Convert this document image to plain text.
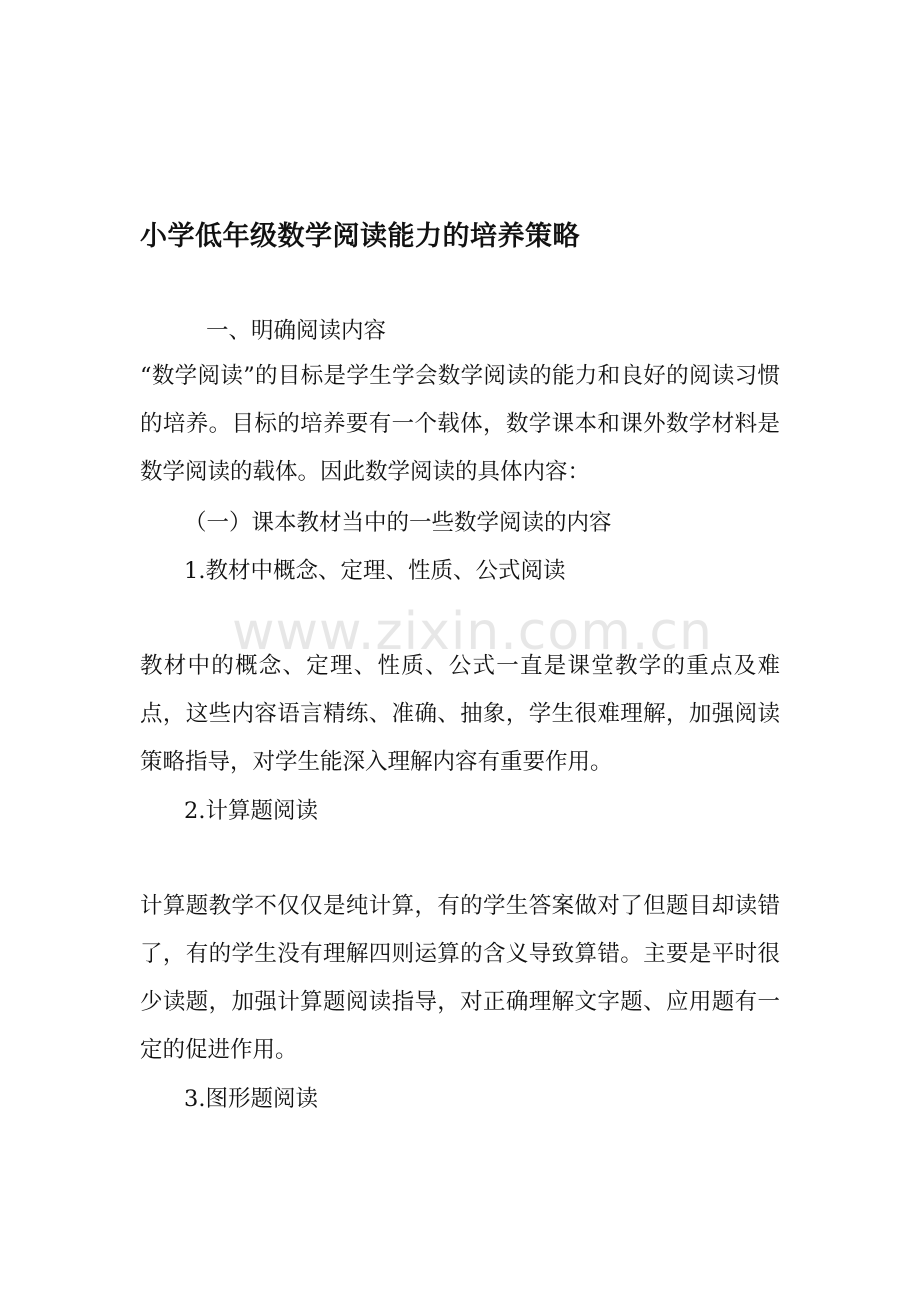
小学低年级数学阅读能力的培养策略

一、明确阅读内容

“数学阅读”的目标是学生学会数学阅读的能力和良好的阅读习惯的培养。目标的培养要有一个载体，数学课本和课外数学材料是数学阅读的载体。因此数学阅读的具体内容：

（一）课本教材当中的一些数学阅读的内容

1.教材中概念、定理、性质、公式阅读

教材中的概念、定理、性质、公式一直是课堂教学的重点及难点，这些内容语言精练、准确、抽象，学生很难理解，加强阅读策略指导，对学生能深入理解内容有重要作用。

2.计算题阅读

计算题教学不仅仅是纯计算，有的学生答案做对了但题目却读错了，有的学生没有理解四则运算的含义导致算错。主要是平时很少读题，加强计算题阅读指导，对正确理解文字题、应用题有一定的促进作用。

3.图形题阅读

www.zixin.com.cn
